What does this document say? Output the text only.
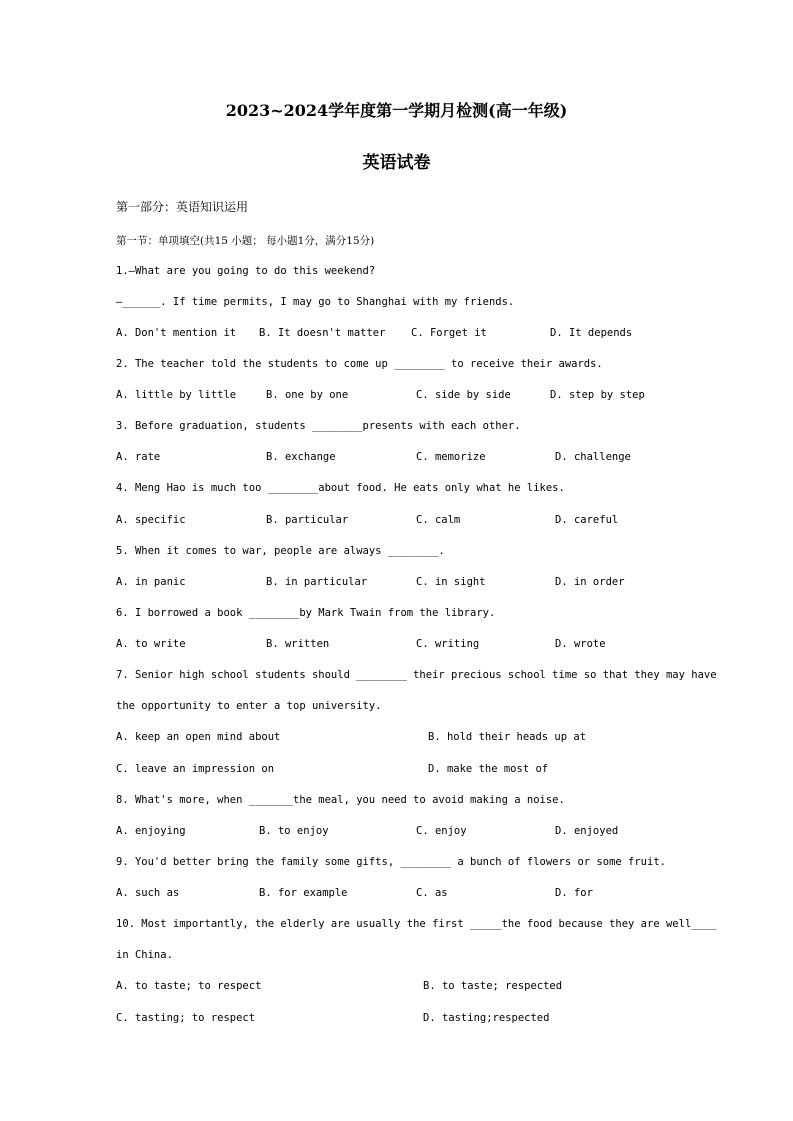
2023~2024学年度第一学期月检测(高一年级)
英语试卷
第一部分：英语知识运用
第一节：单项填空(共15 小题； 每小题1分，满分15分)
1.—What are you going to do this weekend?
—______. If time permits, I may go to Shanghai with my friends.
A. Don't mention it B. It doesn't matter C. Forget it	D. It depends
2. The teacher told the students to come up ________ to receive their awards.
A. little by little	B. one by one	C. side by side	D. step by step
3. Before graduation, students ________presents with each other.
A. rate	B. exchange	C. memorize	D. challenge
4. Meng Hao is much too ________about food. He eats only what he likes.
A. specific	B. particular	C. calm	D. careful
5. When it comes to war, people are always ________.
A. in panic	B. in particular	C. in sight	D. in order
6. I borrowed a book ________by Mark Twain from the library.
A. to write	B. written	C. writing	D. wrote
7. Senior high school students should ________ their precious school time so that they may have
the opportunity to enter a top university.
A. keep an open mind about	B. hold their heads up at
C. leave an impression on	D. make the most of
8. What's more, when _______the meal, you need to avoid making a noise.
A. enjoying	B. to enjoy	C. enjoy	D. enjoyed
9. You'd better bring the family some gifts, ________ a bunch of flowers or some fruit.
A. such as	B. for example	C. as	D. for
10. Most importantly, the elderly are usually the first _____the food because they are well____
in China.
A. to taste; to respect	B. to taste; respected
C. tasting; to respect	D. tasting;respected
